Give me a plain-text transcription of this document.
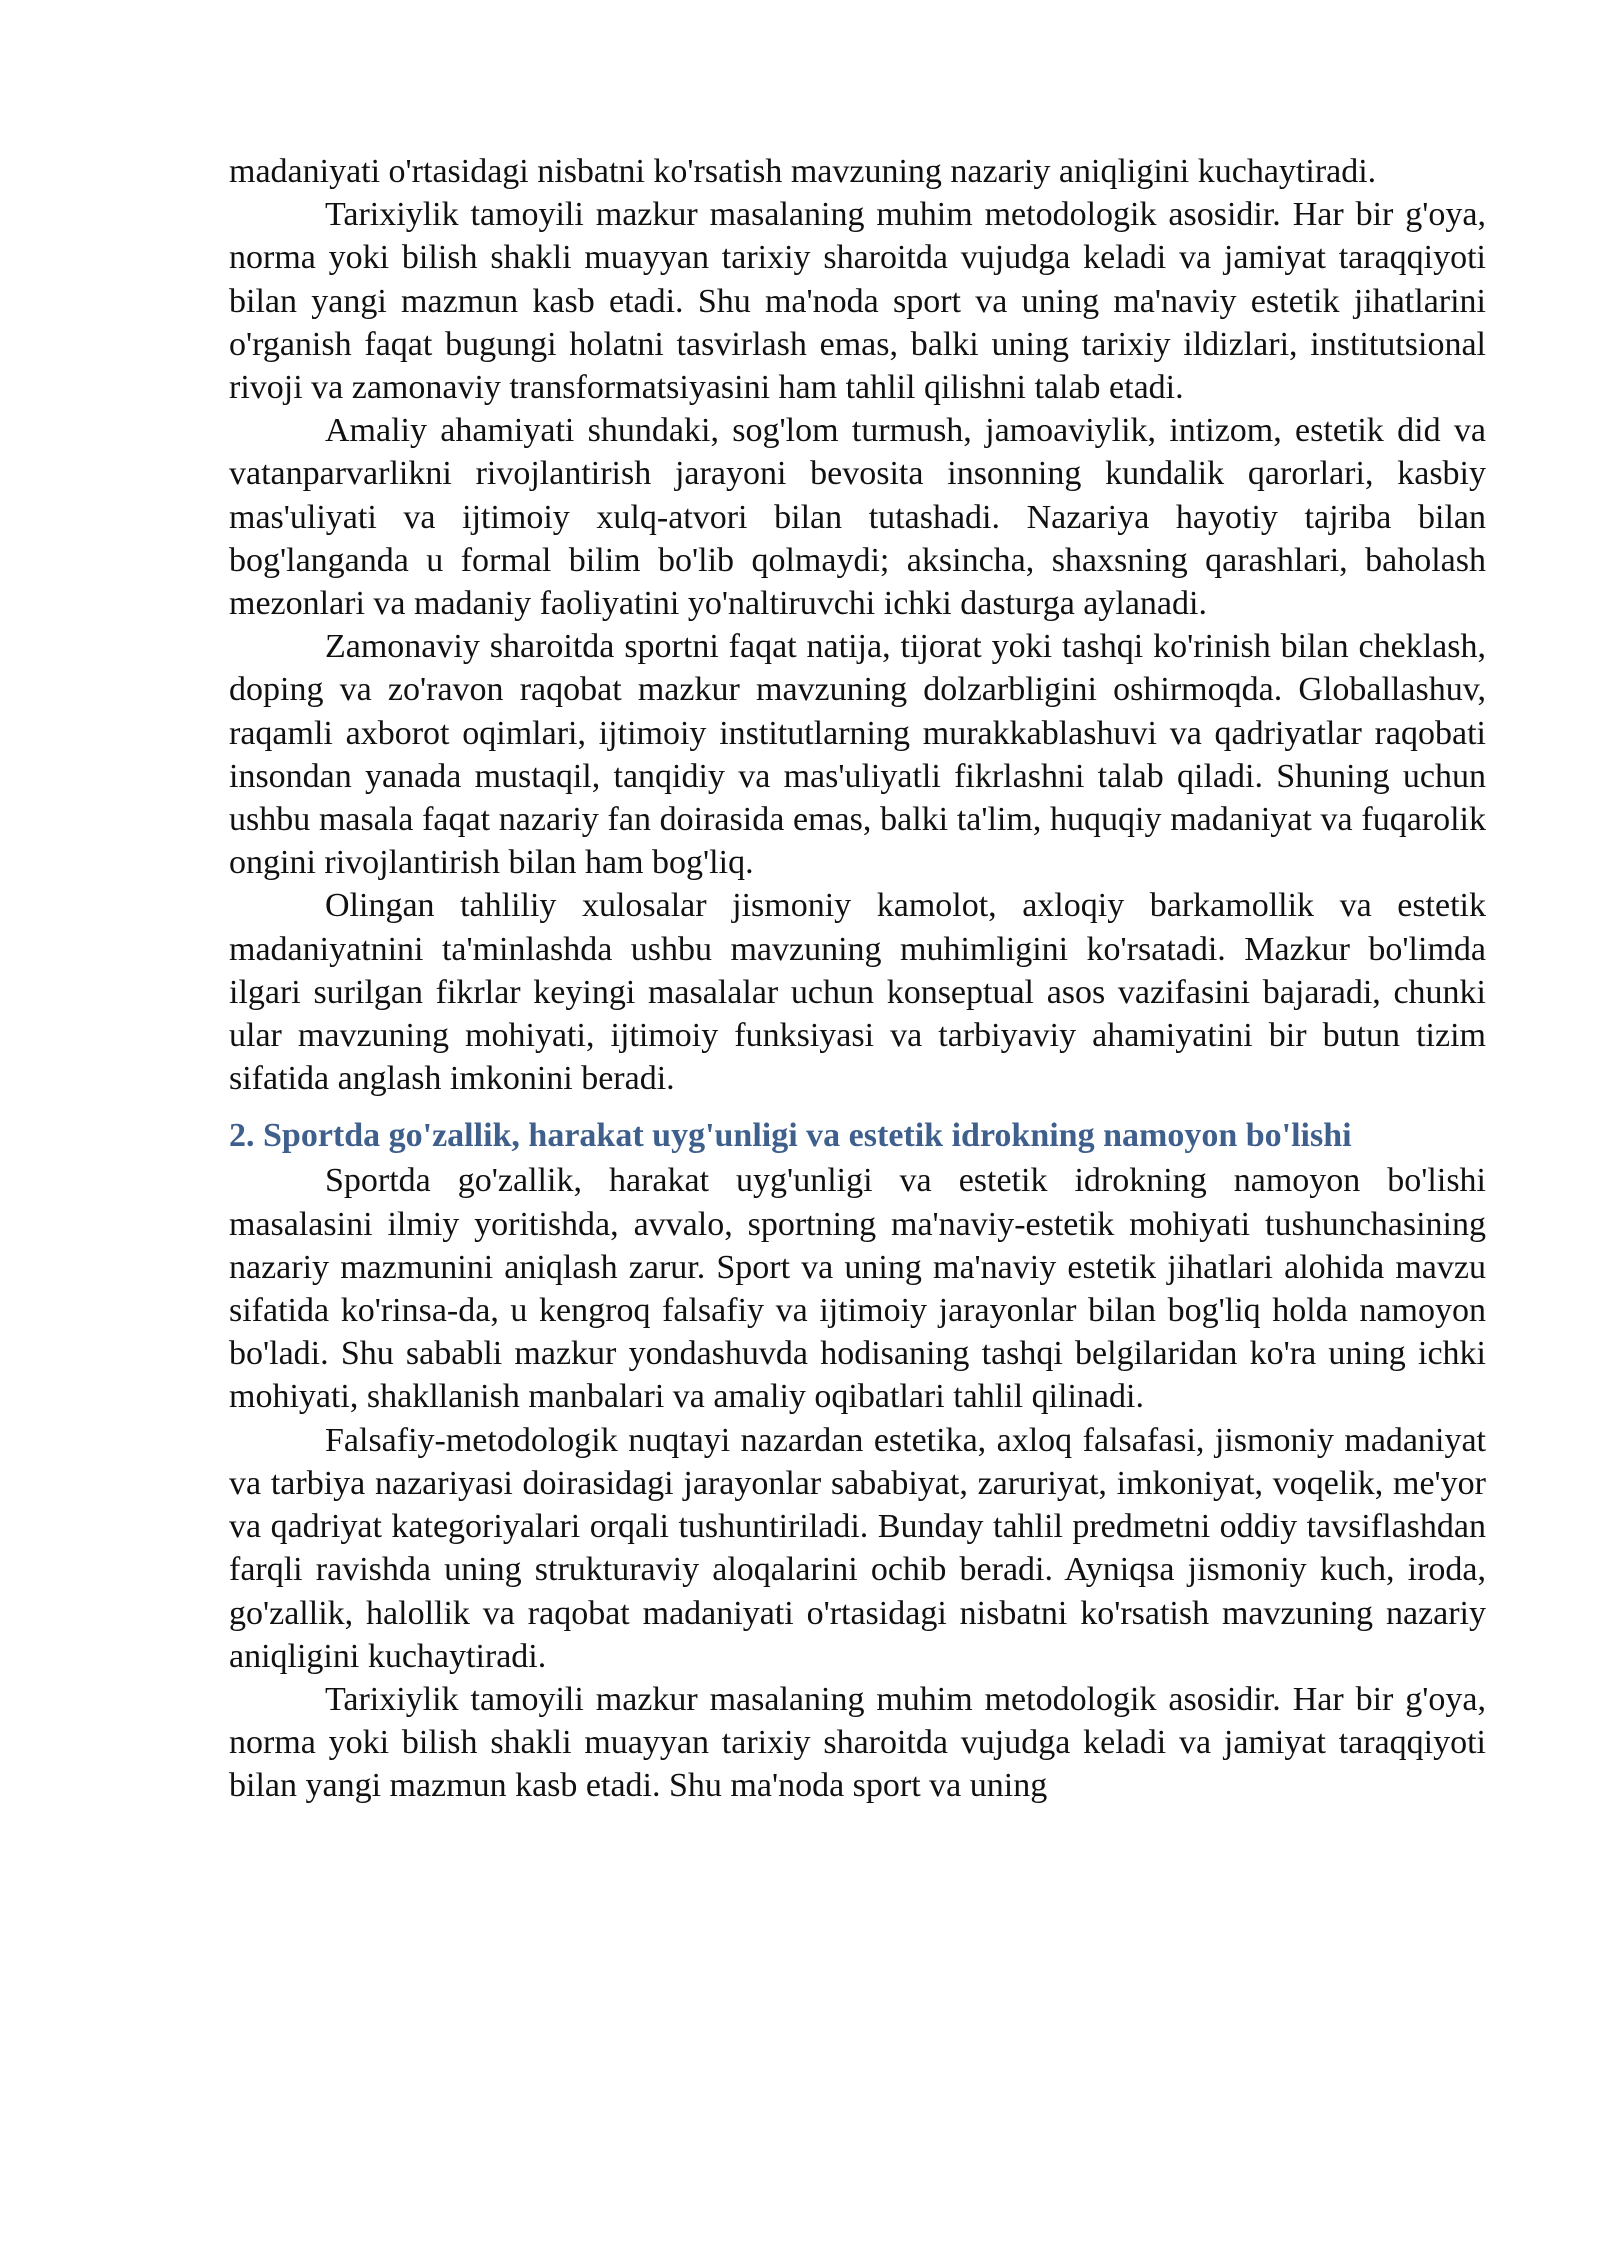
madaniyati o'rtasidagi nisbatni ko'rsatish mavzuning nazariy aniqligini kuchaytiradi.

Tarixiylik tamoyili mazkur masalaning muhim metodologik asosidir. Har bir g'oya, norma yoki bilish shakli muayyan tarixiy sharoitda vujudga keladi va jamiyat taraqqiyoti bilan yangi mazmun kasb etadi. Shu ma'noda sport va uning ma'naviy estetik jihatlarini o'rganish faqat bugungi holatni tasvirlash emas, balki uning tarixiy ildizlari, institutsional rivoji va zamonaviy transformatsiyasini ham tahlil qilishni talab etadi.

Amaliy ahamiyati shundaki, sog'lom turmush, jamoaviylik, intizom, estetik did va vatanparvarlikni rivojlantirish jarayoni bevosita insonning kundalik qarorlari, kasbiy mas'uliyati va ijtimoiy xulq-atvori bilan tutashadi. Nazariya hayotiy tajriba bilan bog'langanda u formal bilim bo'lib qolmaydi; aksincha, shaxsning qarashlari, baholash mezonlari va madaniy faoliyatini yo'naltiruvchi ichki dasturga aylanadi.

Zamonaviy sharoitda sportni faqat natija, tijorat yoki tashqi ko'rinish bilan cheklash, doping va zo'ravon raqobat mazkur mavzuning dolzarbligini oshirmoqda. Globallashuv, raqamli axborot oqimlari, ijtimoiy institutlarning murakkablashuvi va qadriyatlar raqobati insondan yanada mustaqil, tanqidiy va mas'uliyatli fikrlashni talab qiladi. Shuning uchun ushbu masala faqat nazariy fan doirasida emas, balki ta'lim, huquqiy madaniyat va fuqarolik ongini rivojlantirish bilan ham bog'liq.

Olingan tahliliy xulosalar jismoniy kamolot, axloqiy barkamollik va estetik madaniyatnini ta'minlashda ushbu mavzuning muhimligini ko'rsatadi. Mazkur bo'limda ilgari surilgan fikrlar keyingi masalalar uchun konseptual asos vazifasini bajaradi, chunki ular mavzuning mohiyati, ijtimoiy funksiyasi va tarbiyaviy ahamiyatini bir butun tizim sifatida anglash imkonini beradi.

2. Sportda go'zallik, harakat uyg'unligi va estetik idrokning namoyon bo'lishi

Sportda go'zallik, harakat uyg'unligi va estetik idrokning namoyon bo'lishi masalasini ilmiy yoritishda, avvalo, sportning ma'naviy-estetik mohiyati tushunchasining nazariy mazmunini aniqlash zarur. Sport va uning ma'naviy estetik jihatlari alohida mavzu sifatida ko'rinsa-da, u kengroq falsafiy va ijtimoiy jarayonlar bilan bog'liq holda namoyon bo'ladi. Shu sababli mazkur yondashuvda hodisaning tashqi belgilaridan ko'ra uning ichki mohiyati, shakllanish manbalari va amaliy oqibatlari tahlil qilinadi.

Falsafiy-metodologik nuqtayi nazardan estetika, axloq falsafasi, jismoniy madaniyat va tarbiya nazariyasi doirasidagi jarayonlar sababiyat, zaruriyat, imkoniyat, voqelik, me'yor va qadriyat kategoriyalari orqali tushuntiriladi. Bunday tahlil predmetni oddiy tavsiflashdan farqli ravishda uning strukturaviy aloqalarini ochib beradi. Ayniqsa jismoniy kuch, iroda, go'zallik, halollik va raqobat madaniyati o'rtasidagi nisbatni ko'rsatish mavzuning nazariy aniqligini kuchaytiradi.

Tarixiylik tamoyili mazkur masalaning muhim metodologik asosidir. Har bir g'oya, norma yoki bilish shakli muayyan tarixiy sharoitda vujudga keladi va jamiyat taraqqiyoti bilan yangi mazmun kasb etadi. Shu ma'noda sport va uning
